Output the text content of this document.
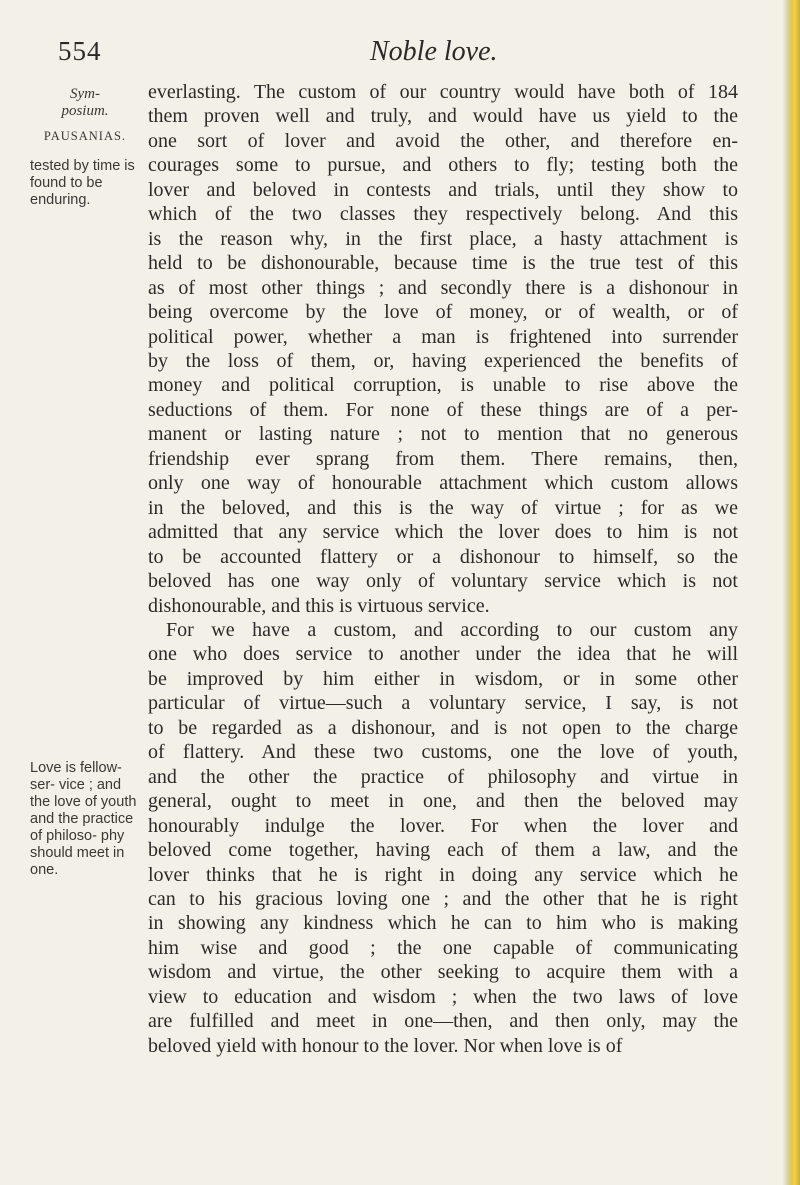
554	Noble love.
Sym-
posium.
PAUSANIAS.
tested by time is found to be enduring.
Love is fellow-ser- vice ; and the love of youth and the practice of philoso- phy should meet in one.
everlasting. The custom of our country would have both of 184
them proven well and truly, and would have us yield to the
one sort of lover and avoid the other, and therefore en-
courages some to pursue, and others to fly; testing both the
lover and beloved in contests and trials, until they show to
which of the two classes they respectively belong. And this
is the reason why, in the first place, a hasty attachment is
held to be dishonourable, because time is the true test of this
as of most other things ; and secondly there is a dishonour in
being overcome by the love of money, or of wealth, or of
political power, whether a man is frightened into surrender
by the loss of them, or, having experienced the benefits of
money and political corruption, is unable to rise above the
seductions of them. For none of these things are of a per-
manent or lasting nature ; not to mention that no generous
friendship ever sprang from them. There remains, then,
only one way of honourable attachment which custom allows
in the beloved, and this is the way of virtue ; for as we
admitted that any service which the lover does to him is not
to be accounted flattery or a dishonour to himself, so the
beloved has one way only of voluntary service which is not
dishonourable, and this is virtuous service.
For we have a custom, and according to our custom any
one who does service to another under the idea that he will
be improved by him either in wisdom, or in some other
particular of virtue—such a voluntary service, I say, is not
to be regarded as a dishonour, and is not open to the charge
of flattery. And these two customs, one the love of youth,
and the other the practice of philosophy and virtue in
general, ought to meet in one, and then the beloved may
honourably indulge the lover. For when the lover and
beloved come together, having each of them a law, and the
lover thinks that he is right in doing any service which he
can to his gracious loving one ; and the other that he is right
in showing any kindness which he can to him who is making
him wise and good ; the one capable of communicating
wisdom and virtue, the other seeking to acquire them with a
view to education and wisdom ; when the two laws of love
are fulfilled and meet in one—then, and then only, may the
beloved yield with honour to the lover. Nor when love is of
